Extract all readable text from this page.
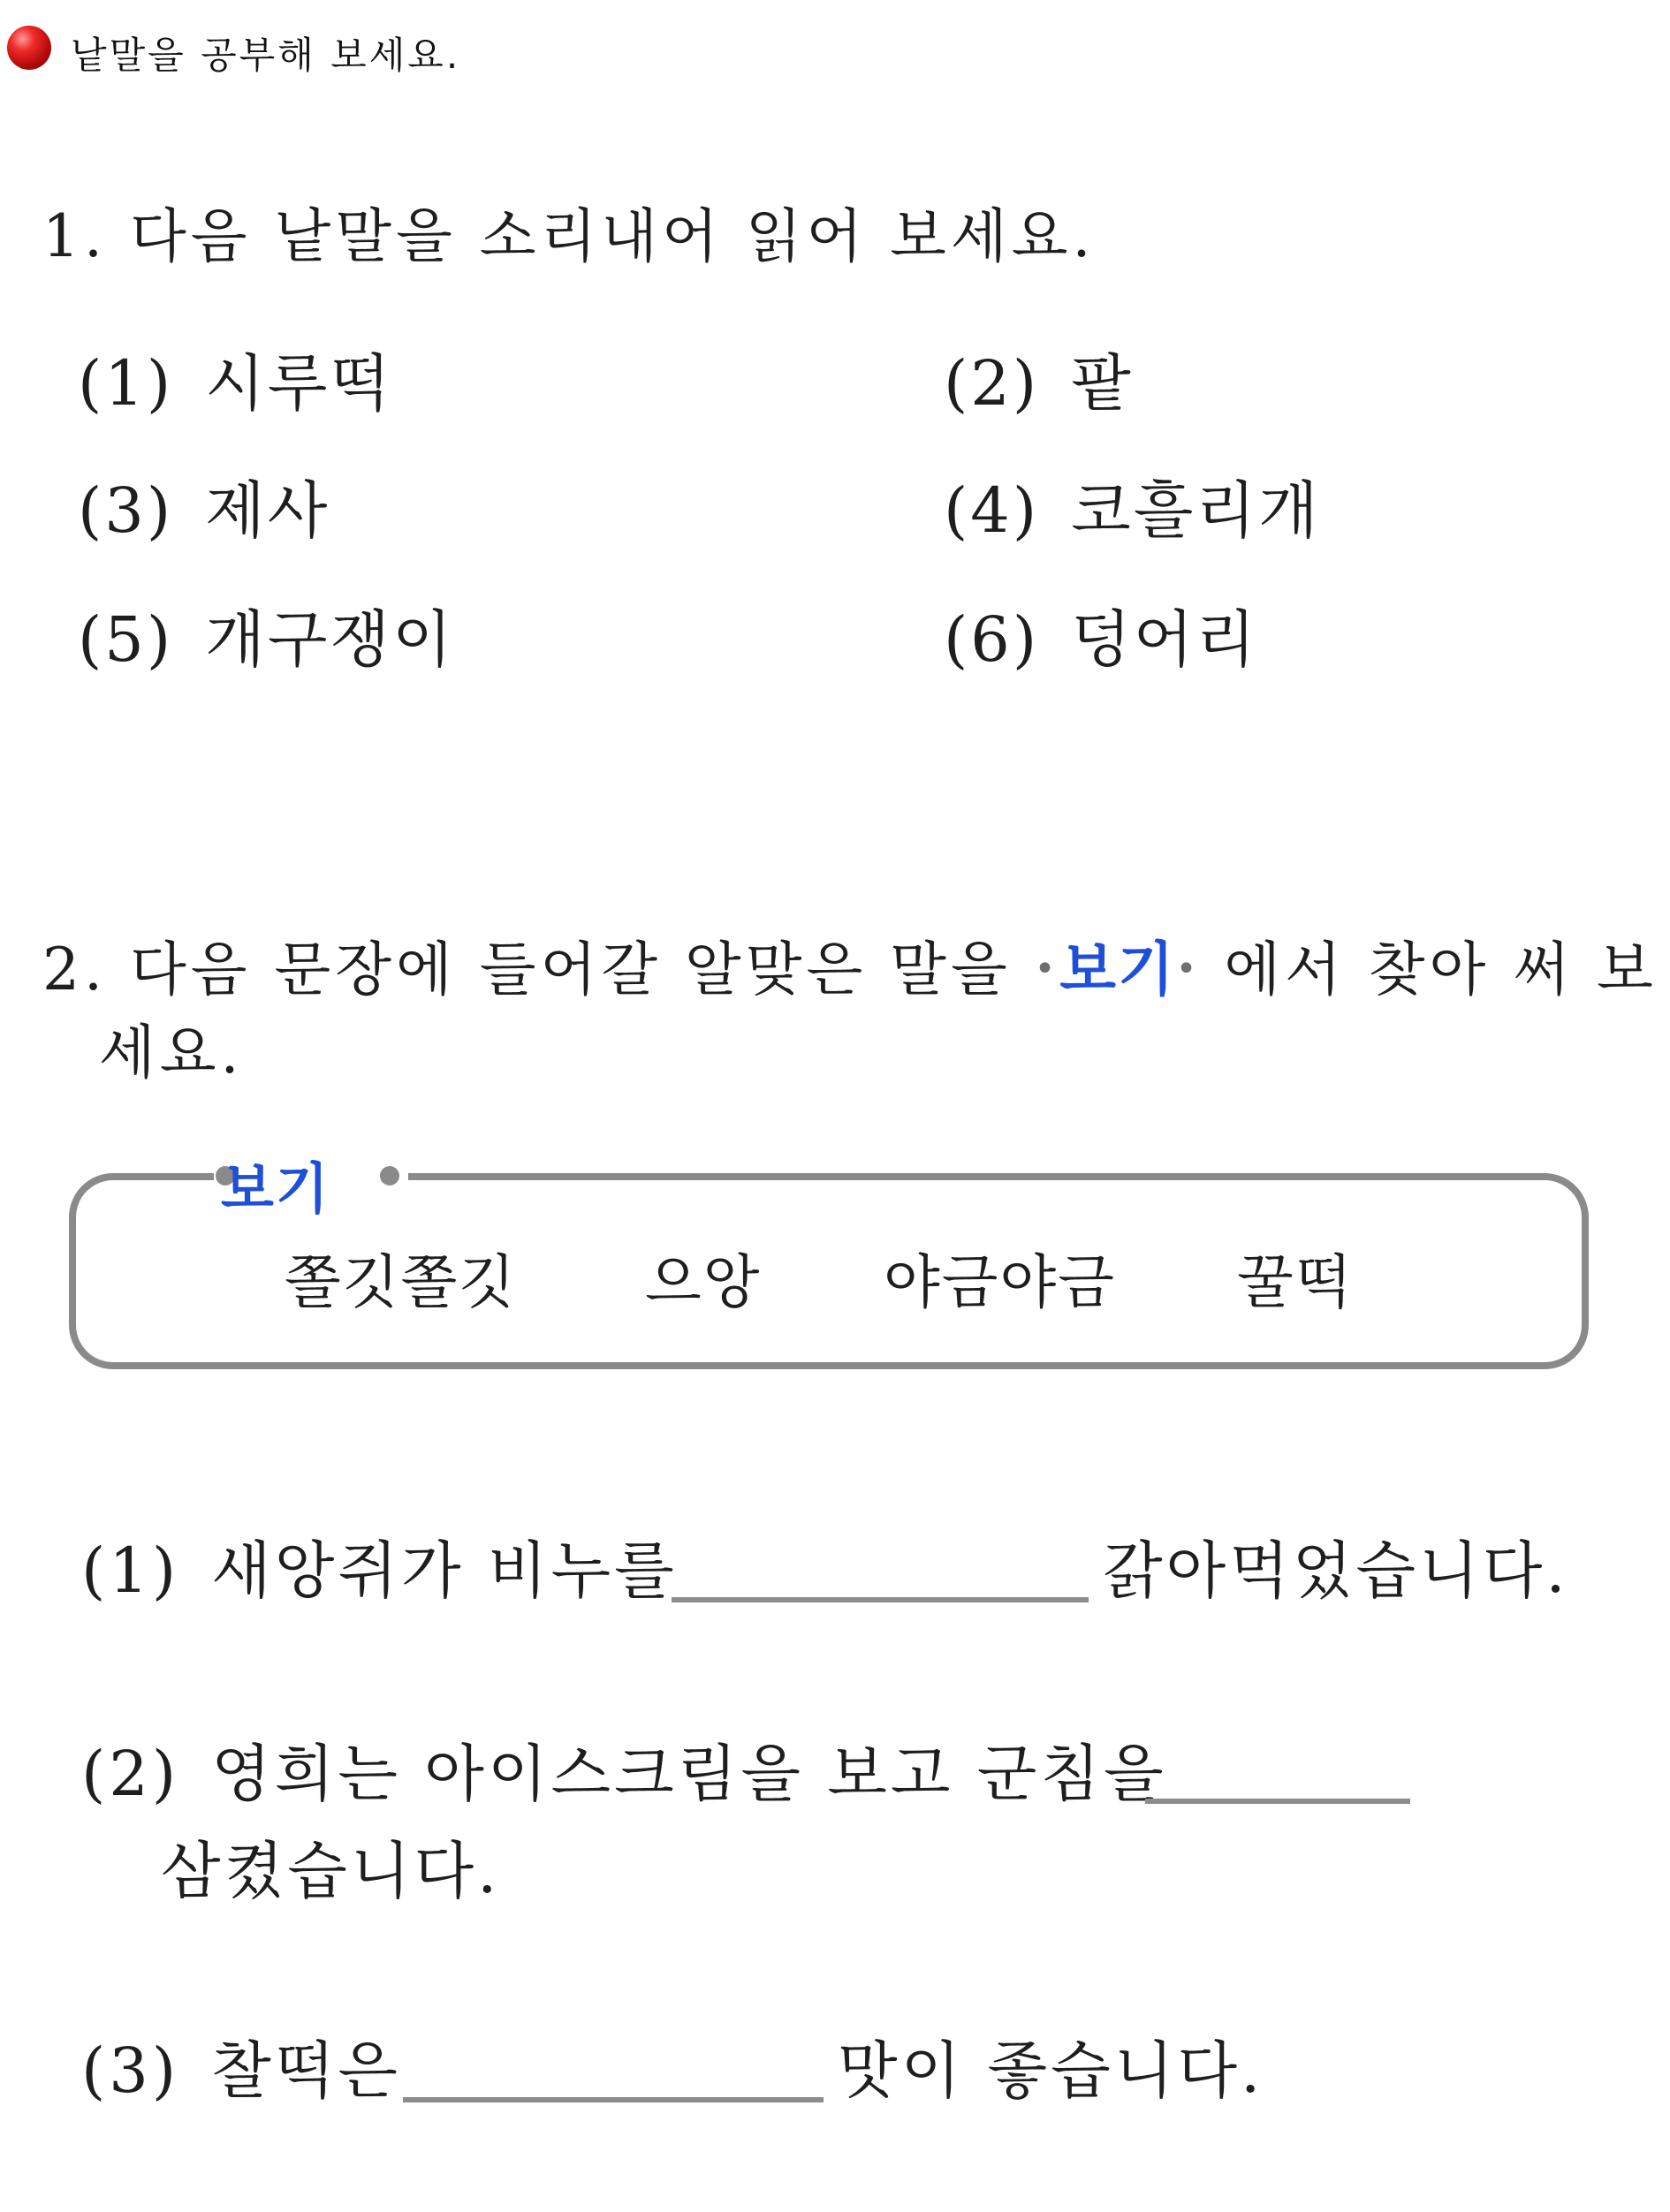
낱말을 공부해 보세요.
1. 다음 낱말을 소리내어 읽어 보세요.
(1) 시루떡	(2) 팥
(3) 제사	(4) 코흘리개
(5) 개구쟁이	(6) 덩어리
2. 다음 문장에 들어갈 알맞은 말을 •보기• 에서 찾아 써 보
세요.
보기
쫄깃쫄깃 으앙 야금야금 꿀떡
(1) 새앙쥐가 비누를	갉아먹었습니다.
(2) 영희는 아이스크림을 보고 군침을
삼켰습니다.
(3) 찰떡은	맛이 좋습니다.
